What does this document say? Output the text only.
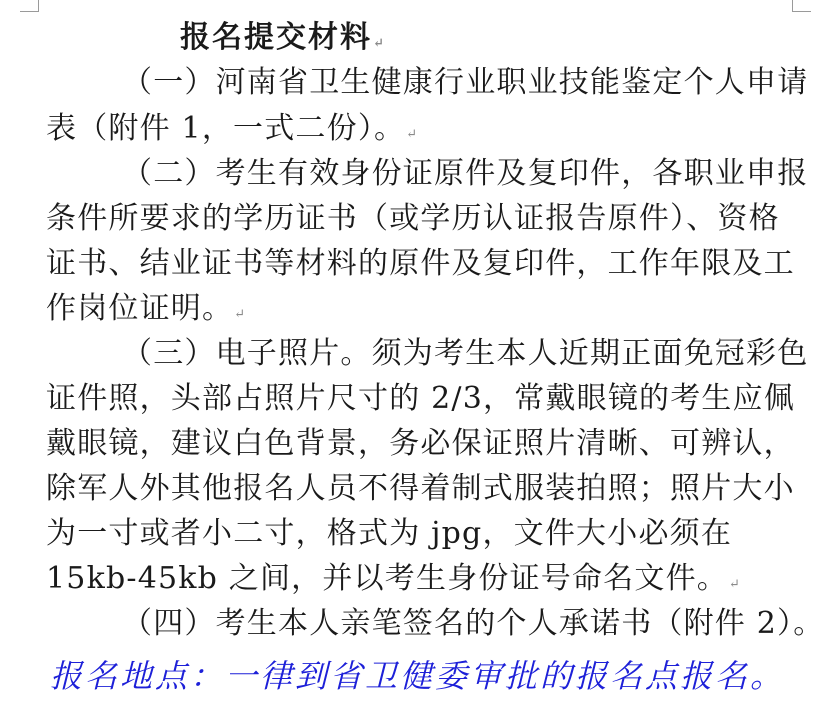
报名提交材料↵
（一）河南省卫生健康行业职业技能鉴定个人申请
表（附件 1，一式二份）。↵
（二）考生有效身份证原件及复印件，各职业申报
条件所要求的学历证书（或学历认证报告原件）、资格
证书、结业证书等材料的原件及复印件，工作年限及工
作岗位证明。↵
（三）电子照片。须为考生本人近期正面免冠彩色
证件照，头部占照片尺寸的 2/3，常戴眼镜的考生应佩
戴眼镜，建议白色背景，务必保证照片清晰、可辨认，
除军人外其他报名人员不得着制式服装拍照；照片大小
为一寸或者小二寸，格式为 jpg，文件大小必须在
15kb-45kb 之间，并以考生身份证号命名文件。↵
（四）考生本人亲笔签名的个人承诺书（附件 2）。
报名地点：一律到省卫健委审批的报名点报名。
